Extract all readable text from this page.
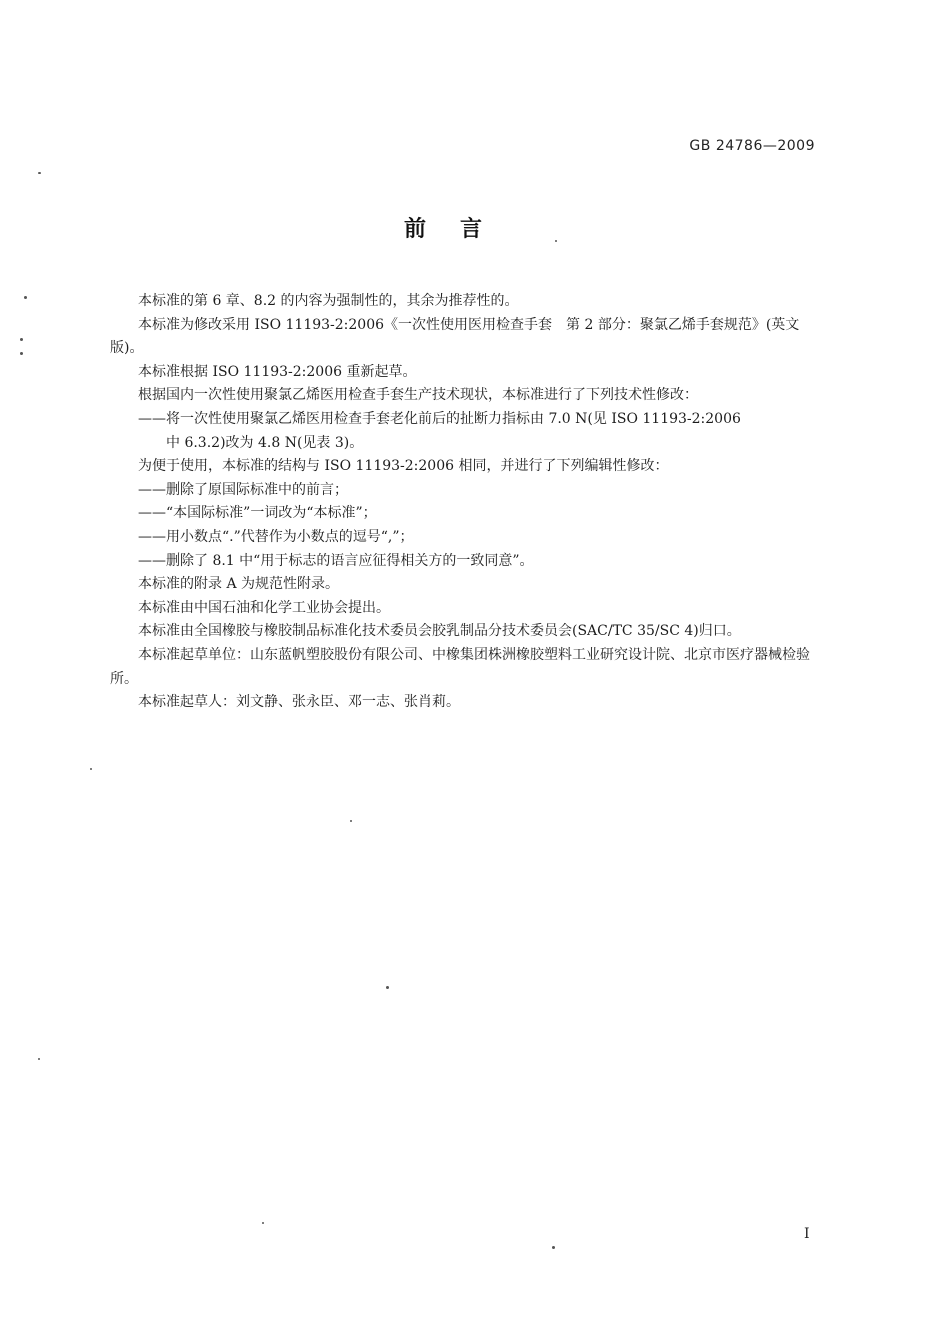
GB 24786—2009
前言

本标准的第 6 章、8.2 的内容为强制性的，其余为推荐性的。

本标准为修改采用 ISO 11193-2:2006《一次性使用医用检查手套　第 2 部分：聚氯乙烯手套规范》(英文版)。

本标准根据 ISO 11193-2:2006 重新起草。

根据国内一次性使用聚氯乙烯医用检查手套生产技术现状，本标准进行了下列技术性修改：

——将一次性使用聚氯乙烯医用检查手套老化前后的扯断力指标由 7.0 N(见 ISO 11193-2:2006
中 6.3.2)改为 4.8 N(见表 3)。

为便于使用，本标准的结构与 ISO 11193-2:2006 相同，并进行了下列编辑性修改：

——删除了原国际标准中的前言；

——“本国际标准”一词改为“本标准”；

——用小数点“.”代替作为小数点的逗号“,”；

——删除了 8.1 中“用于标志的语言应征得相关方的一致同意”。

本标准的附录 A 为规范性附录。

本标准由中国石油和化学工业协会提出。

本标准由全国橡胶与橡胶制品标准化技术委员会胶乳制品分技术委员会(SAC/TC 35/SC 4)归口。

本标准起草单位：山东蓝帆塑胶股份有限公司、中橡集团株洲橡胶塑料工业研究设计院、北京市医疗器械检验所。

本标准起草人：刘文静、张永臣、邓一志、张肖莉。

I
